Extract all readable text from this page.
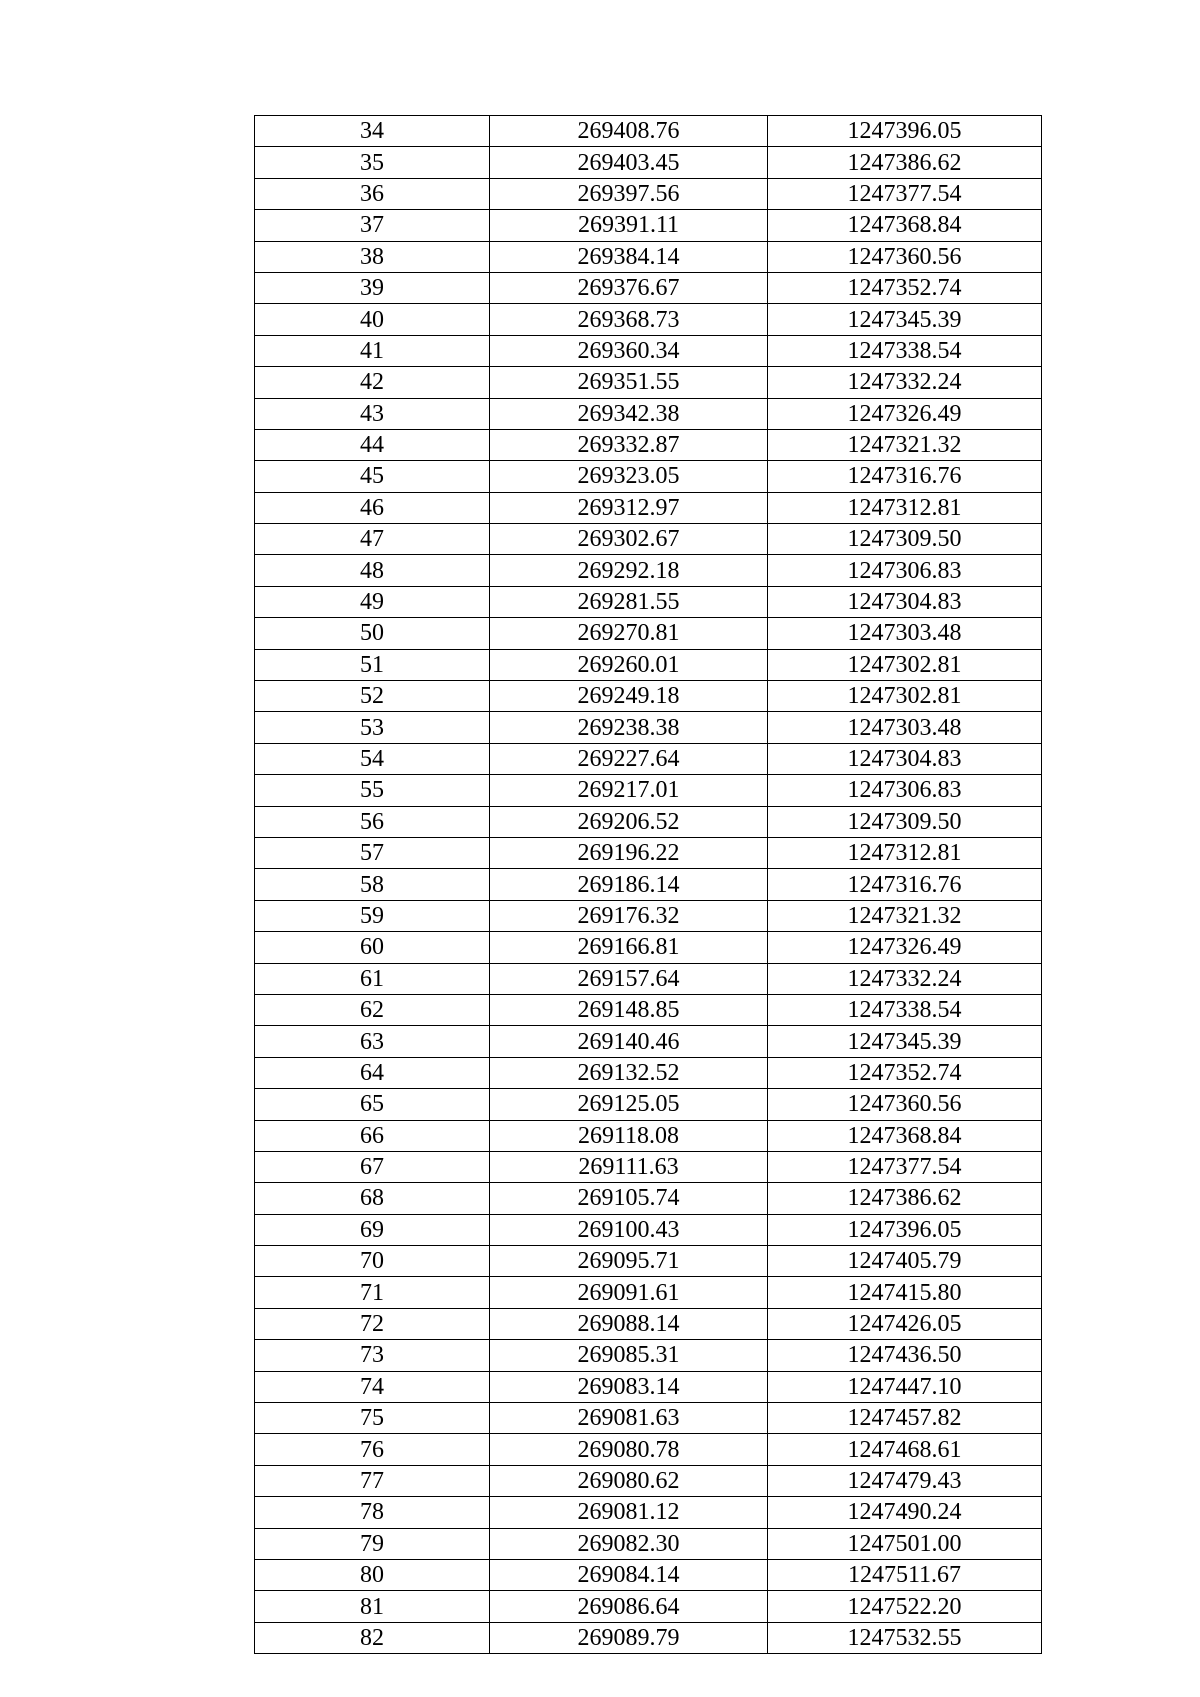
34	269408.76	1247396.05
35	269403.45	1247386.62
36	269397.56	1247377.54
37	269391.11	1247368.84
38	269384.14	1247360.56
39	269376.67	1247352.74
40	269368.73	1247345.39
41	269360.34	1247338.54
42	269351.55	1247332.24
43	269342.38	1247326.49
44	269332.87	1247321.32
45	269323.05	1247316.76
46	269312.97	1247312.81
47	269302.67	1247309.50
48	269292.18	1247306.83
49	269281.55	1247304.83
50	269270.81	1247303.48
51	269260.01	1247302.81
52	269249.18	1247302.81
53	269238.38	1247303.48
54	269227.64	1247304.83
55	269217.01	1247306.83
56	269206.52	1247309.50
57	269196.22	1247312.81
58	269186.14	1247316.76
59	269176.32	1247321.32
60	269166.81	1247326.49
61	269157.64	1247332.24
62	269148.85	1247338.54
63	269140.46	1247345.39
64	269132.52	1247352.74
65	269125.05	1247360.56
66	269118.08	1247368.84
67	269111.63	1247377.54
68	269105.74	1247386.62
69	269100.43	1247396.05
70	269095.71	1247405.79
71	269091.61	1247415.80
72	269088.14	1247426.05
73	269085.31	1247436.50
74	269083.14	1247447.10
75	269081.63	1247457.82
76	269080.78	1247468.61
77	269080.62	1247479.43
78	269081.12	1247490.24
79	269082.30	1247501.00
80	269084.14	1247511.67
81	269086.64	1247522.20
82	269089.79	1247532.55
